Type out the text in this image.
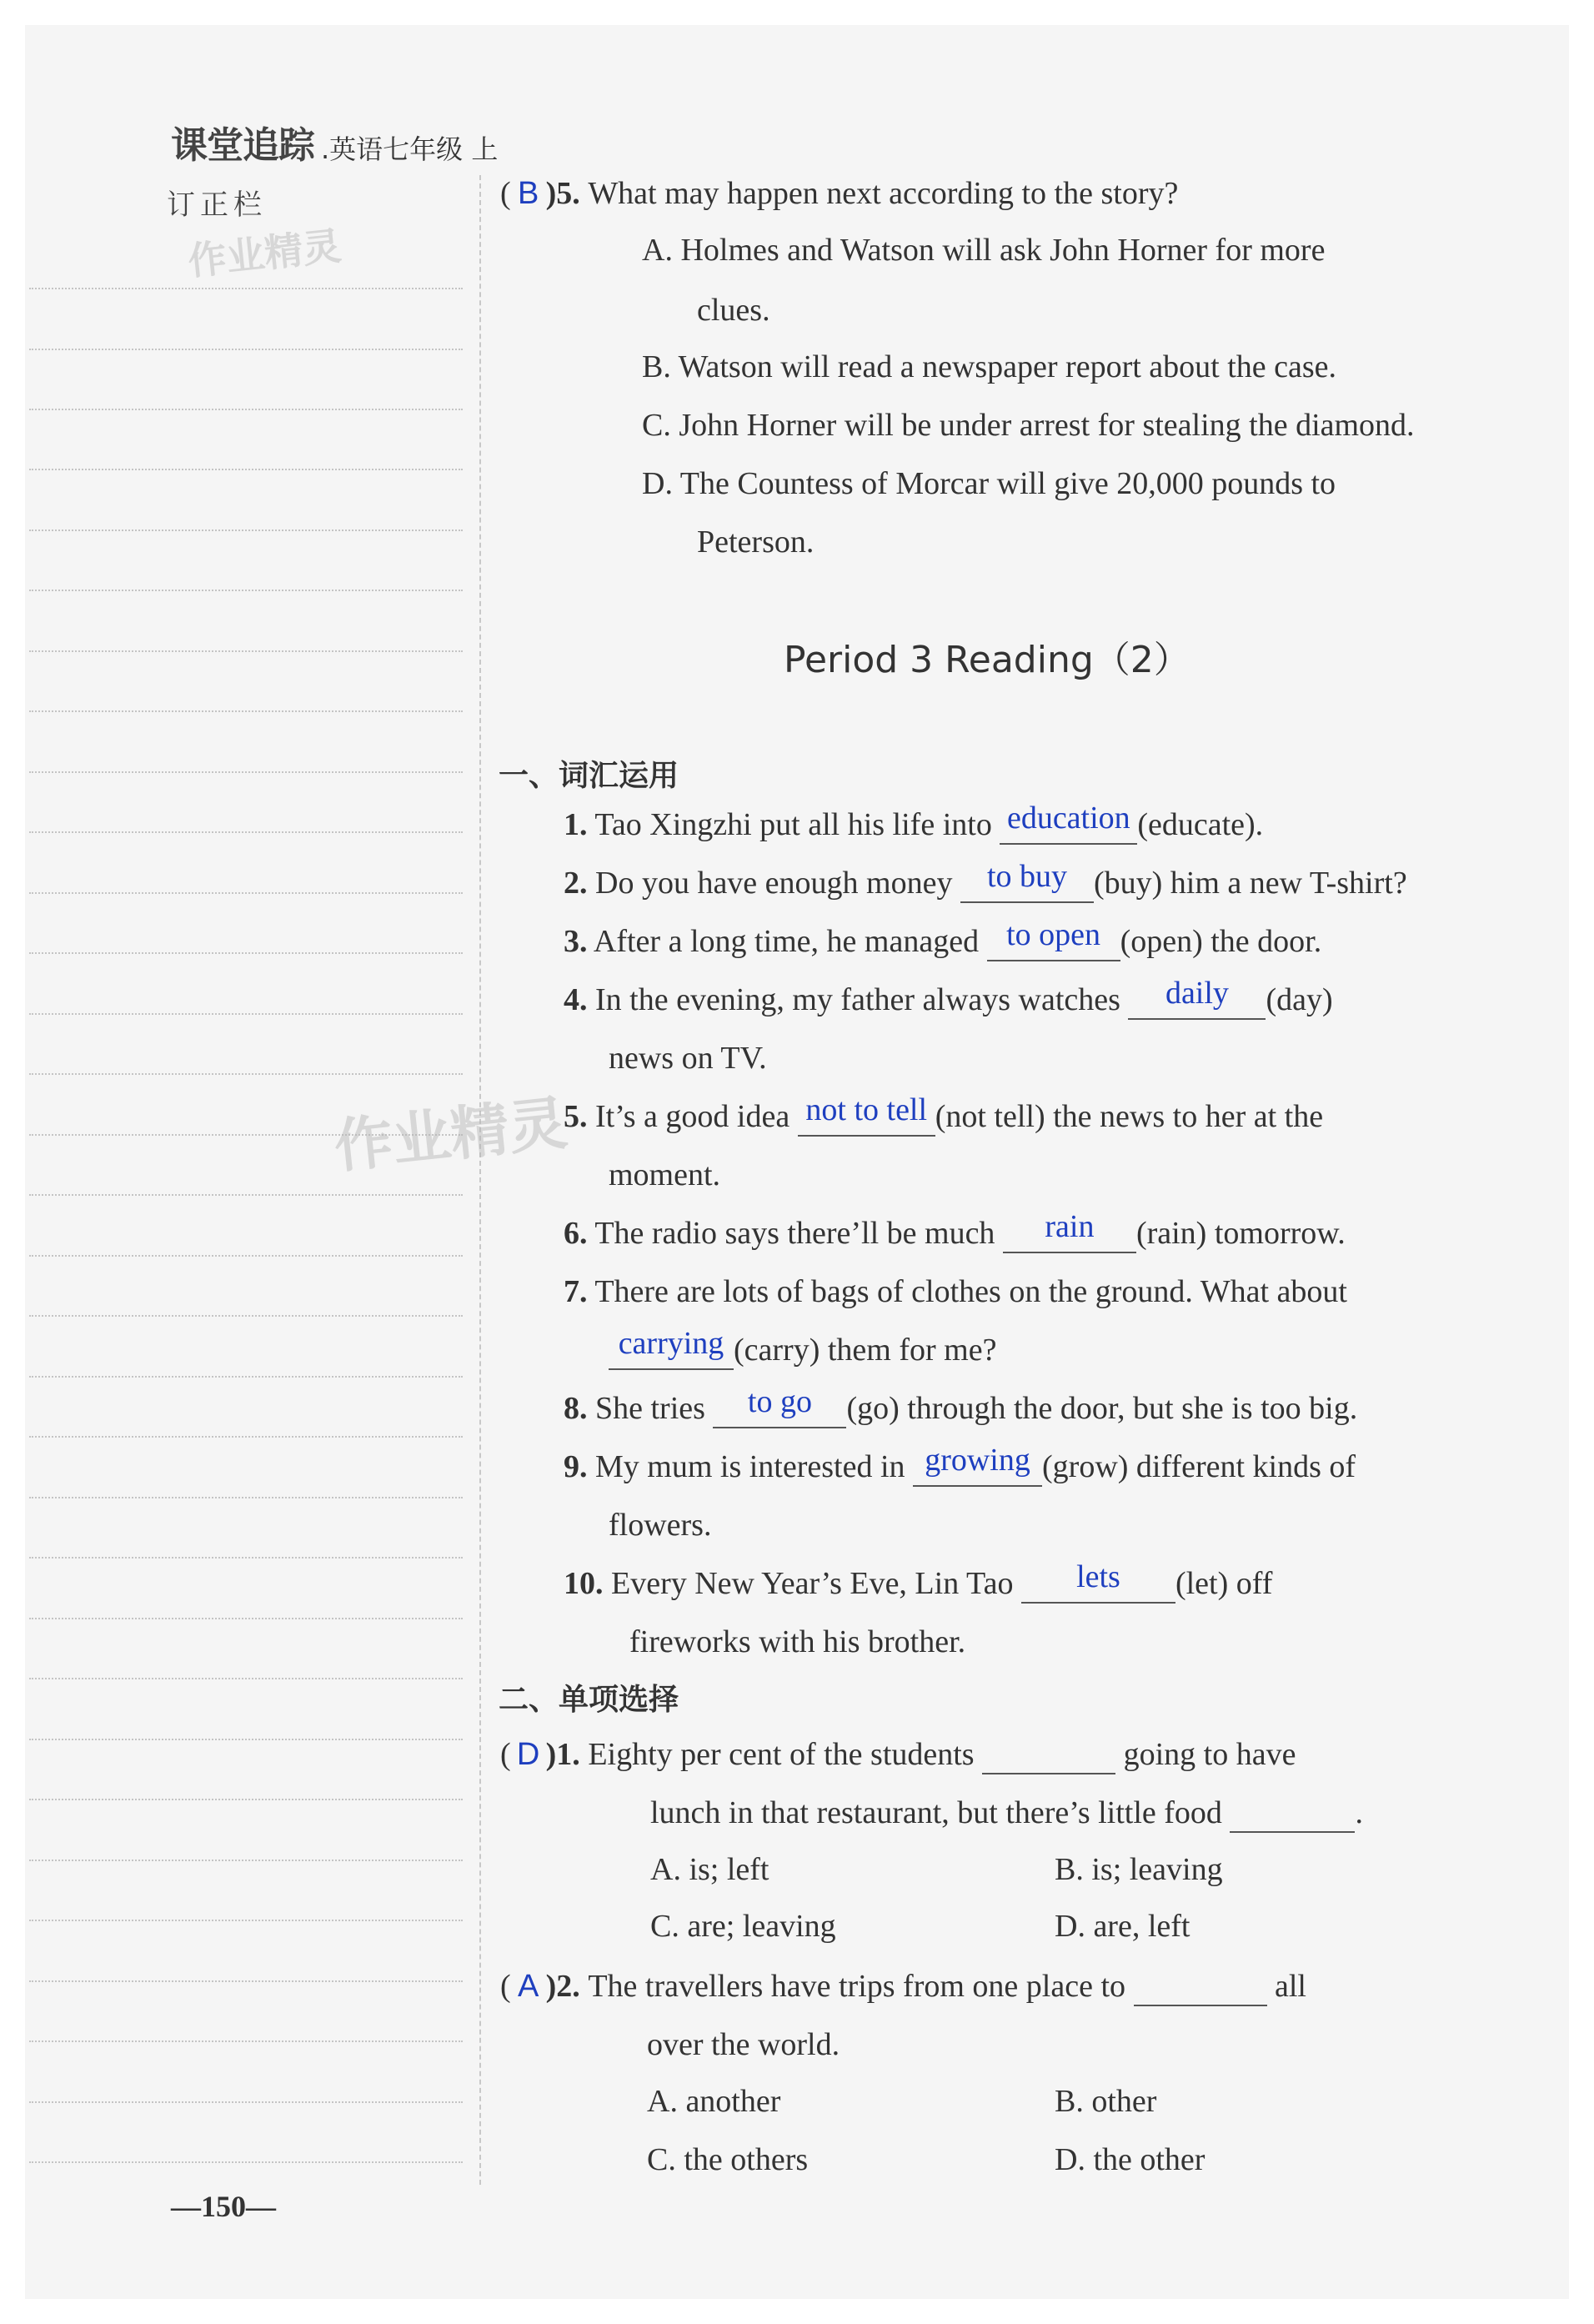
课堂追踪 .英语七年级 上
订正栏
作业精灵
( B )5. What may happen next according to the story?
A. Holmes and Watson will ask John Horner for more
clues.
B. Watson will read a newspaper report about the case.
C. John Horner will be under arrest for stealing the diamond.
D. The Countess of Morcar will give 20,000 pounds to
Peterson.
Period 3 Reading（2）
一、词汇运用
作业精灵
1. Tao Xingzhi put all his life into education (educate).
2. Do you have enough money to buy (buy) him a new T-shirt?
3. After a long time, he managed to open (open) the door.
4. In the evening, my father always watches daily (day)
news on TV.
5. It’s a good idea not to tell (not tell) the news to her at the
moment.
6. The radio says there’ll be much rain (rain) tomorrow.
7. There are lots of bags of clothes on the ground. What about
carrying (carry) them for me?
8. She tries to go (go) through the door, but she is too big.
9. My mum is interested in growing (grow) different kinds of
flowers.
10. Every New Year’s Eve, Lin Tao lets (let) off
fireworks with his brother.
二、单项选择
( D )1. Eighty per cent of the students	going to have
lunch in that restaurant, but there’s little food	.
A. is; left	B. is; leaving
C. are; leaving	D. are, left
( A )2. The travellers have trips from one place to	all
over the world.
A. another	B. other
C. the others	D. the other
—150—
